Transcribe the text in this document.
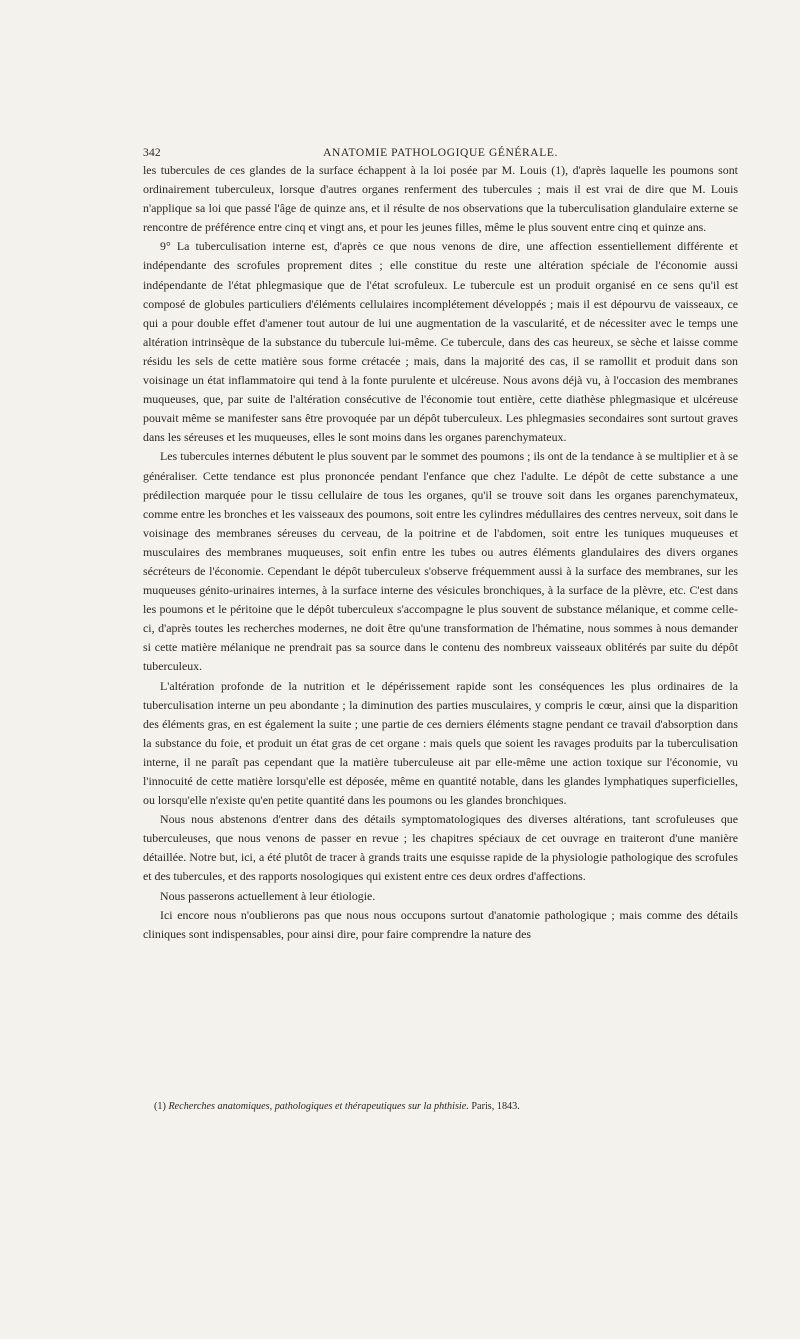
342	ANATOMIE PATHOLOGIQUE GÉNÉRALE.

les tubercules de ces glandes de la surface échappent à la loi posée par M. Louis (1), d'après laquelle les poumons sont ordinairement tuberculeux, lorsque d'autres organes renferment des tubercules ; mais il est vrai de dire que M. Louis n'applique sa loi que passé l'âge de quinze ans, et il résulte de nos observations que la tuberculisation glandulaire externe se rencontre de préférence entre cinq et vingt ans, et pour les jeunes filles, même le plus souvent entre cinq et quinze ans.

9° La tuberculisation interne est, d'après ce que nous venons de dire, une affection essentiellement différente et indépendante des scrofules proprement dites ; elle constitue du reste une altération spéciale de l'économie aussi indépendante de l'état phlegmasique que de l'état scrofuleux. Le tubercule est un produit organisé en ce sens qu'il est composé de globules particuliers d'éléments cellulaires incomplétement développés ; mais il est dépourvu de vaisseaux, ce qui a pour double effet d'amener tout autour de lui une augmentation de la vascularité, et de nécessiter avec le temps une altération intrinsèque de la substance du tubercule lui-même. Ce tubercule, dans des cas heureux, se sèche et laisse comme résidu les sels de cette matière sous forme crétacée ; mais, dans la majorité des cas, il se ramollit et produit dans son voisinage un état inflammatoire qui tend à la fonte purulente et ulcéreuse. Nous avons déjà vu, à l'occasion des membranes muqueuses, que, par suite de l'altération consécutive de l'économie tout entière, cette diathèse phlegmasique et ulcéreuse pouvait même se manifester sans être provoquée par un dépôt tuberculeux. Les phlegmasies secondaires sont surtout graves dans les séreuses et les muqueuses, elles le sont moins dans les organes parenchymateux.

Les tubercules internes débutent le plus souvent par le sommet des poumons ; ils ont de la tendance à se multiplier et à se généraliser. Cette tendance est plus prononcée pendant l'enfance que chez l'adulte. Le dépôt de cette substance a une prédilection marquée pour le tissu cellulaire de tous les organes, qu'il se trouve soit dans les organes parenchymateux, comme entre les bronches et les vaisseaux des poumons, soit entre les cylindres médullaires des centres nerveux, soit dans le voisinage des membranes séreuses du cerveau, de la poitrine et de l'abdomen, soit entre les tuniques muqueuses et musculaires des membranes muqueuses, soit enfin entre les tubes ou autres éléments glandulaires des divers organes sécréteurs de l'économie. Cependant le dépôt tuberculeux s'observe fréquemment aussi à la surface des membranes, sur les muqueuses génito-urinaires internes, à la surface interne des vésicules bronchiques, à la surface de la plèvre, etc. C'est dans les poumons et le péritoine que le dépôt tuberculeux s'accompagne le plus souvent de substance mélanique, et comme celle-ci, d'après toutes les recherches modernes, ne doit être qu'une transformation de l'hématine, nous sommes à nous demander si cette matière mélanique ne prendrait pas sa source dans le contenu des nombreux vaisseaux oblitérés par suite du dépôt tuberculeux.

L'altération profonde de la nutrition et le dépérissement rapide sont les conséquences les plus ordinaires de la tuberculisation interne un peu abondante ; la diminution des parties musculaires, y compris le cœur, ainsi que la disparition des éléments gras, en est également la suite ; une partie de ces derniers éléments stagne pendant ce travail d'absorption dans la substance du foie, et produit un état gras de cet organe : mais quels que soient les ravages produits par la tuberculisation interne, il ne paraît pas cependant que la matière tuberculeuse ait par elle-même une action toxique sur l'économie, vu l'innocuité de cette matière lorsqu'elle est déposée, même en quantité notable, dans les glandes lymphatiques superficielles, ou lorsqu'elle n'existe qu'en petite quantité dans les poumons ou les glandes bronchiques.

Nous nous abstenons d'entrer dans des détails symptomatologiques des diverses altérations, tant scrofuleuses que tuberculeuses, que nous venons de passer en revue ; les chapitres spéciaux de cet ouvrage en traiteront d'une manière détaillée. Notre but, ici, a été plutôt de tracer à grands traits une esquisse rapide de la physiologie pathologique des scrofules et des tubercules, et des rapports nosologiques qui existent entre ces deux ordres d'affections.

Nous passerons actuellement à leur étiologie.

Ici encore nous n'oublierons pas que nous nous occupons surtout d'anatomie pathologique ; mais comme des détails cliniques sont indispensables, pour ainsi dire, pour faire comprendre la nature des

(1) Recherches anatomiques, pathologiques et thérapeutiques sur la phthisie. Paris, 1843.
